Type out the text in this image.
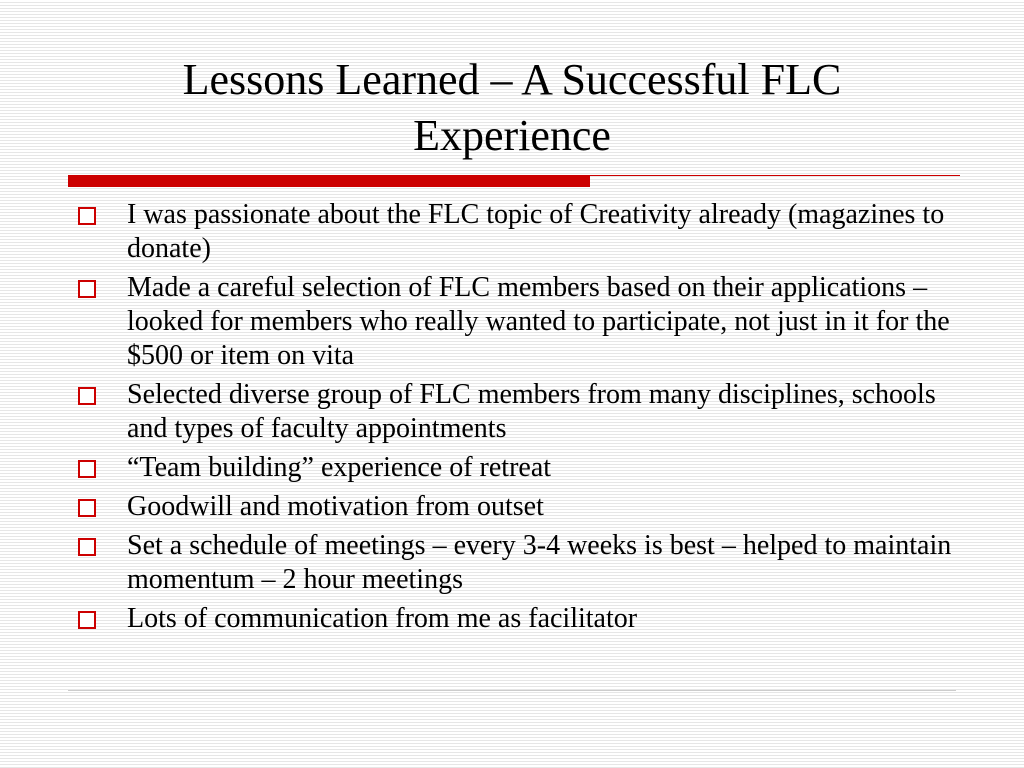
Lessons Learned – A Successful FLC
Experience
I was passionate about the FLC topic of Creativity already (magazines to donate)
Made a careful selection of FLC members based on their applications – looked for members who really wanted to participate, not just in it for the $500 or item on vita
Selected diverse group of FLC members from many disciplines, schools and types of faculty appointments
“Team building” experience of retreat
Goodwill and motivation from outset
Set a schedule of meetings – every 3-4 weeks is best – helped to maintain momentum – 2 hour meetings
Lots of communication from me as facilitator
